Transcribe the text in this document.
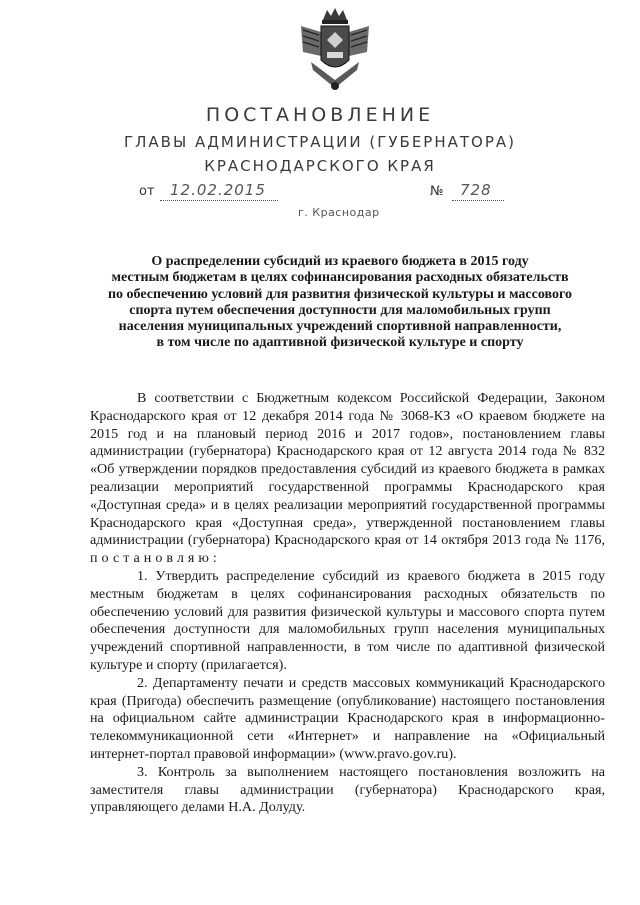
ПОСТАНОВЛЕНИЕ
ГЛАВЫ АДМИНИСТРАЦИИ (ГУБЕРНАТОРА)
КРАСНОДАРСКОГО КРАЯ
от 12.02.2015	№ 728
г. Краснодар
О распределении субсидий из краевого бюджета в 2015 году
местным бюджетам в целях софинансирования расходных обязательств
по обеспечению условий для развития физической культуры и массового
спорта путем обеспечения доступности для маломобильных групп
населения муниципальных учреждений спортивной направленности,
в том числе по адаптивной физической культуре и спорту

В соответствии с Бюджетным кодексом Российской Федерации, Законом Краснодарского края от 12 декабря 2014 года № 3068-КЗ «О краевом бюджете на 2015 год и на плановый период 2016 и 2017 годов», постановлением главы администрации (губернатора) Краснодарского края от 12 августа 2014 года № 832 «Об утверждении порядков предоставления субсидий из краевого бюджета в рамках реализации мероприятий государственной программы Краснодарского края «Доступная среда» и в целях реализации мероприятий государственной программы Краснодарского края «Доступная среда», утвержденной постановлением главы администрации (губернатора) Краснодарского края от 14 октября 2013 года № 1176, постановляю:

1. Утвердить распределение субсидий из краевого бюджета в 2015 году местным бюджетам в целях софинансирования расходных обязательств по обеспечению условий для развития физической культуры и массового спорта путем обеспечения доступности для маломобильных групп населения муниципальных учреждений спортивной направленности, в том числе по адаптивной физической культуре и спорту (прилагается).

2. Департаменту печати и средств массовых коммуникаций Краснодарского края (Пригода) обеспечить размещение (опубликование) настоящего постановления на официальном сайте администрации Краснодарского края в информационно-телекоммуникационной сети «Интернет» и направление на «Официальный интернет-портал правовой информации» (www.pravo.gov.ru).

3. Контроль за выполнением настоящего постановления возложить на заместителя главы администрации (губернатора) Краснодарского края, управляющего делами Н.А. Долуду.
